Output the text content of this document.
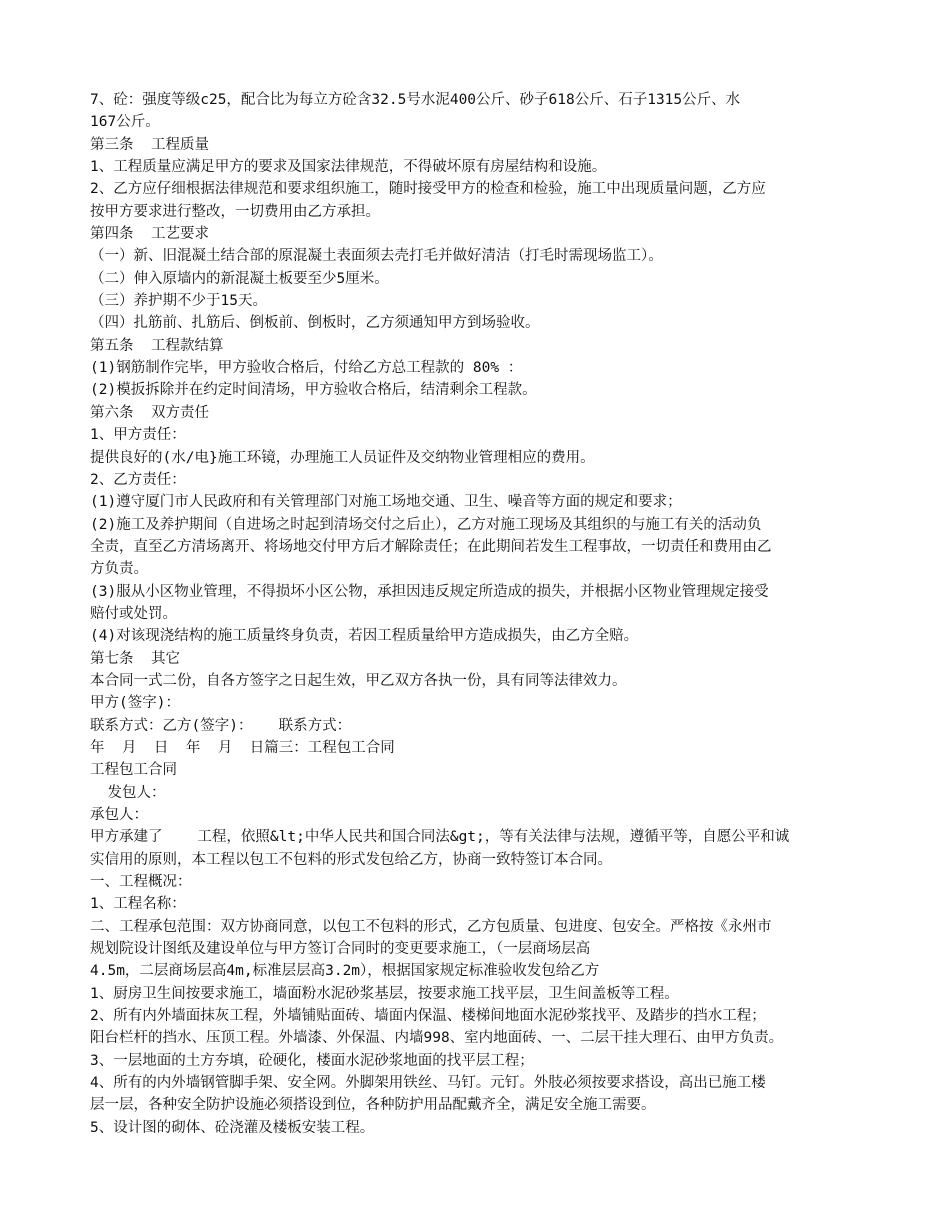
7、砼：强度等级c25，配合比为每立方砼含32.5号水泥400公斤、砂子618公斤、石子1315公斤、水
167公斤。
第三条  工程质量
1、工程质量应满足甲方的要求及国家法律规范，不得破坏原有房屋结构和设施。
2、乙方应仔细根据法律规范和要求组织施工，随时接受甲方的检查和检验，施工中出现质量问题，乙方应
按甲方要求进行整改，一切费用由乙方承担。
第四条  工艺要求
（一）新、旧混凝土结合部的原混凝土表面须去壳打毛并做好清洁（打毛时需现场监工）。
（二）伸入原墙内的新混凝土板要至少5厘米。
（三）养护期不少于15天。
（四）扎筋前、扎筋后、倒板前、倒板时，乙方须通知甲方到场验收。
第五条  工程款结算
(1)钢筋制作完毕，甲方验收合格后，付给乙方总工程款的 80% ：
(2)模扳拆除并在约定时间清场，甲方验收合格后，结清剩余工程款。
第六条  双方责任
1、甲方责任：
提供良好的(水/电}施工环镜，办理施工人员证件及交纳物业管理相应的费用。
2、乙方责任：
(1)遵守厦门市人民政府和有关管理部门对施工场地交通、卫生、噪音等方面的规定和要求；
(2)施工及养护期间（自进场之时起到清场交付之后止），乙方对施工现场及其组织的与施工有关的活动负
全责，直至乙方清场离开、将场地交付甲方后才解除责任；在此期间若发生工程事故，一切责任和费用由乙
方负责。
(3)服从小区物业管理，不得损坏小区公物，承担因违反规定所造成的损失，并根据小区物业管理规定接受
赔付或处罚。
(4)对该现浇结构的施工质量终身负责，若因工程质量给甲方造成损失，由乙方全赔。
第七条  其它
本合同一式二份，自各方签字之日起生效，甲乙双方各执一份，具有同等法律效力。
甲方(签字)：
联系方式：乙方(签字)：   联系方式：
年  月  日  年  月  日篇三：工程包工合同
工程包工合同
发包人：
承包人：
甲方承建了    工程，依照&lt;中华人民共和国合同法&gt;，等有关法律与法规，遵循平等，自愿公平和诚
实信用的原则，本工程以包工不包料的形式发包给乙方，协商一致特签订本合同。
一、工程概况：
1、工程名称：
二、工程承包范围：双方协商同意，以包工不包料的形式，乙方包质量、包进度、包安全。严格按《永州市
规划院设计图纸及建设单位与甲方签订合同时的变更要求施工，（一层商场层高
4.5m，二层商场层高4m,标准层层高3.2m），根据国家规定标准验收发包给乙方
1、厨房卫生间按要求施工，墙面粉水泥砂浆基层，按要求施工找平层，卫生间盖板等工程。
2、所有内外墙面抹灰工程，外墙铺贴面砖、墙面内保温、楼梯间地面水泥砂浆找平、及踏步的挡水工程；
阳台栏杆的挡水、压顶工程。外墙漆、外保温、内墙998、室内地面砖、一、二层干挂大理石、由甲方负责。
3、一层地面的土方夯填，砼硬化，楼面水泥砂浆地面的找平层工程；
4、所有的内外墙钢管脚手架、安全网。外脚架用铁丝、马钉。元钉。外肢必须按要求搭设，高出已施工楼
层一层，各种安全防护设施必须搭设到位，各种防护用品配戴齐全，满足安全施工需要。
5、设计图的砌体、砼浇灌及楼板安装工程。
